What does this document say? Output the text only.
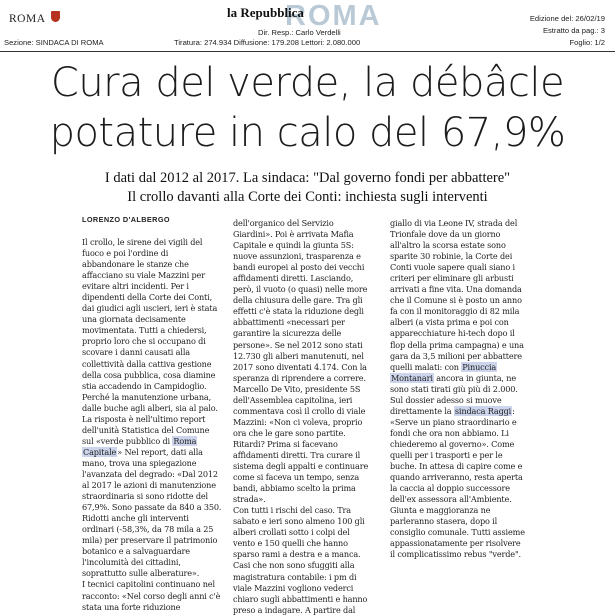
ROMA
Sezione: SINDACA DI ROMA
ROMA
la Repubblica
Dir. Resp.: Carlo Verdelli
Tiratura: 274.934 Diffusione: 179.208 Lettori: 2.080.000
Edizione del: 26/02/19
Estratto da pag.: 3
Foglio: 1/2
Cura del verde, la débâcle
potature in calo del 67,9%
I dati dal 2012 al 2017. La sindaca: "Dal governo fondi per abbattere"
Il crollo davanti alla Corte dei Conti: inchiesta sugli interventi
LORENZO D'ALBERGO
Il crollo, le sirene dei vigili del
fuoco e poi l'ordine di
abbandonare le stanze che
affacciano su viale Mazzini per
evitare altri incidenti. Per i
dipendenti della Corte dei Conti,
dai giudici agli uscieri, ieri è stata
una giornata decisamente
movimentata. Tutti a chiedersi,
proprio loro che si occupano di
scovare i danni causati alla
collettività dalla cattiva gestione
della cosa pubblica, cosa diamine
stia accadendo in Campidoglio.
Perché la manutenzione urbana,
dalle buche agli alberi, sia al palo.
La risposta è nell'ultimo report
dell'unità Statistica del Comune
sul «verde pubblico di Roma
Capitale» Nel report, dati alla
mano, trova una spiegazione
l'avanzata del degrado: «Dal 2012
al 2017 le azioni di manutenzione
straordinaria si sono ridotte del
67,9%. Sono passate da 840 a 350.
Ridotti anche gli interventi
ordinari (-58,3%, da 78 mila a 25
mila) per preservare il patrimonio
botanico e a salvaguardare
l'incolumità dei cittadini,
soprattutto sulle alberature».
I tecnici capitolini continuano nel
racconto: «Nel corso degli anni c'è
stata una forte riduzione
dell'organico del Servizio
Giardini». Poi è arrivata Mafia
Capitale e quindi la giunta 5S:
nuove assunzioni, trasparenza e
bandi europei al posto dei vecchi
affidamenti diretti. Lasciando,
però, il vuoto (o quasi) nelle more
della chiusura delle gare. Tra gli
effetti c'è stata la riduzione degli
abbattimenti «necessari per
garantire la sicurezza delle
persone». Se nel 2012 sono stati
12.730 gli alberi manutenuti, nel
2017 sono diventati 4.174. Con la
speranza di riprendere a correre.
Marcello De Vito, presidente 5S
dell'Assemblea capitolina, ieri
commentava così il crollo di viale
Mazzini: «Non ci voleva, proprio
ora che le gare sono partite.
Ritardi? Prima si facevano
affidamenti diretti. Tra curare il
sistema degli appalti e continuare
come si faceva un tempo, senza
bandi, abbiamo scelto la prima
strada».
Con tutti i rischi del caso. Tra
sabato e ieri sono almeno 100 gli
alberi crollati sotto i colpi del
vento e 150 quelli che hanno
sparso rami a destra e a manca.
Casi che non sono sfuggiti alla
magistratura contabile: i pm di
viale Mazzini vogliono vederci
chiaro sugli abbattimenti e hanno
preso a indagare. A partire dal
giallo di via Leone IV, strada del
Trionfale dove da un giorno
all'altro la scorsa estate sono
sparite 30 robinie, la Corte dei
Conti vuole sapere quali siano i
criteri per eliminare gli arbusti
arrivati a fine vita. Una domanda
che il Comune si è posto un anno
fa con il monitoraggio di 82 mila
alberi (a vista prima e poi con
apparecchiature hi-tech dopo il
flop della prima campagna) e una
gara da 3,5 milioni per abbattere
quelli malati: con Pinuccia
Montanari ancora in giunta, ne
sono stati tirati giù più di 2.000.
Sul dossier adesso si muove
direttamente la sindaca Raggi:
«Serve un piano straordinario e
fondi che ora non abbiamo. Li
chiederemo al governo». Come
quelli per i trasporti e per le
buche. In attesa di capire come e
quando arriveranno, resta aperta
la caccia al doppio successore
dell'ex assessora all'Ambiente.
Giunta e maggioranza ne
parleranno stasera, dopo il
consiglio comunale. Tutti assieme
appassionatamente per risolvere
il complicatissimo rebus "verde".
